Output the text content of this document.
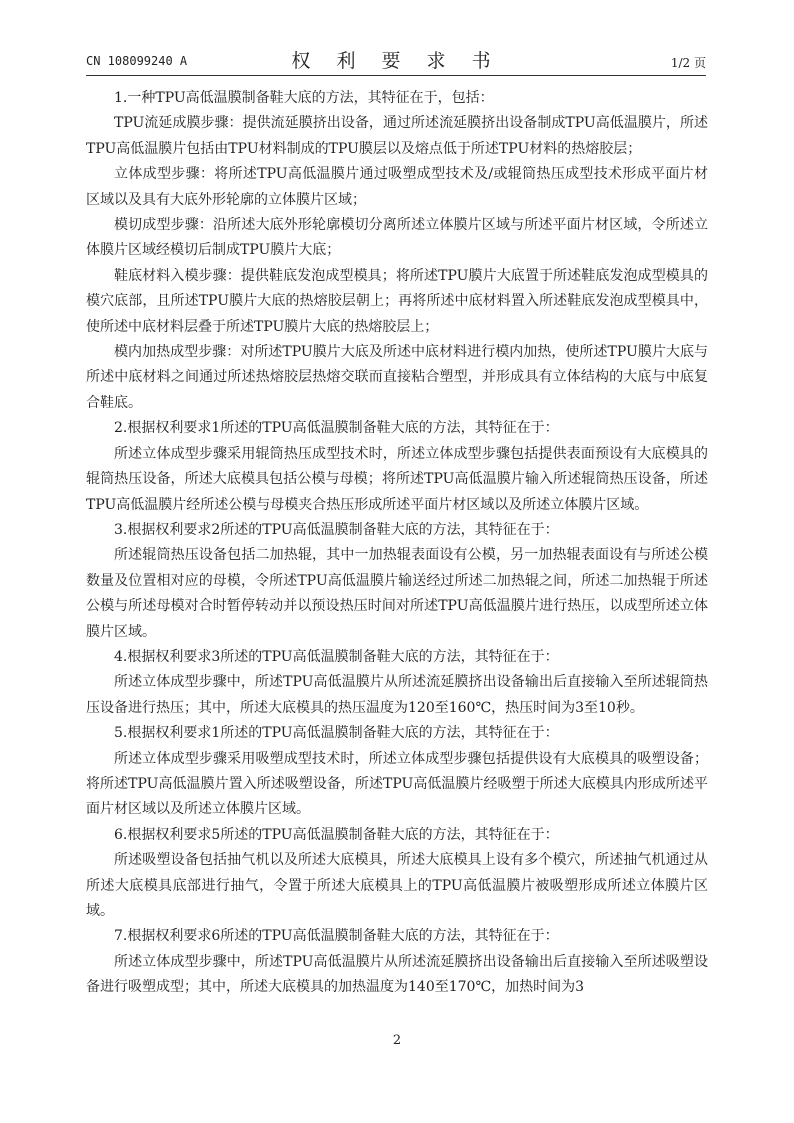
CN 108099240 A	权 利 要 求 书	1/2 页

1.一种TPU高低温膜制备鞋大底的方法，其特征在于，包括：

TPU流延成膜步骤：提供流延膜挤出设备，通过所述流延膜挤出设备制成TPU高低温膜片，所述TPU高低温膜片包括由TPU材料制成的TPU膜层以及熔点低于所述TPU材料的热熔胶层；

立体成型步骤：将所述TPU高低温膜片通过吸塑成型技术及/或辊筒热压成型技术形成平面片材区域以及具有大底外形轮廓的立体膜片区域；

模切成型步骤：沿所述大底外形轮廓模切分离所述立体膜片区域与所述平面片材区域，令所述立体膜片区域经模切后制成TPU膜片大底；

鞋底材料入模步骤：提供鞋底发泡成型模具；将所述TPU膜片大底置于所述鞋底发泡成型模具的模穴底部，且所述TPU膜片大底的热熔胶层朝上；再将所述中底材料置入所述鞋底发泡成型模具中，使所述中底材料层叠于所述TPU膜片大底的热熔胶层上；

模内加热成型步骤：对所述TPU膜片大底及所述中底材料进行模内加热，使所述TPU膜片大底与所述中底材料之间通过所述热熔胶层热熔交联而直接粘合塑型，并形成具有立体结构的大底与中底复合鞋底。

2.根据权利要求1所述的TPU高低温膜制备鞋大底的方法，其特征在于：

所述立体成型步骤采用辊筒热压成型技术时，所述立体成型步骤包括提供表面预设有大底模具的辊筒热压设备，所述大底模具包括公模与母模；将所述TPU高低温膜片输入所述辊筒热压设备，所述TPU高低温膜片经所述公模与母模夹合热压形成所述平面片材区域以及所述立体膜片区域。

3.根据权利要求2所述的TPU高低温膜制备鞋大底的方法，其特征在于：

所述辊筒热压设备包括二加热辊，其中一加热辊表面设有公模，另一加热辊表面设有与所述公模数量及位置相对应的母模，令所述TPU高低温膜片输送经过所述二加热辊之间，所述二加热辊于所述公模与所述母模对合时暂停转动并以预设热压时间对所述TPU高低温膜片进行热压，以成型所述立体膜片区域。

4.根据权利要求3所述的TPU高低温膜制备鞋大底的方法，其特征在于：

所述立体成型步骤中，所述TPU高低温膜片从所述流延膜挤出设备输出后直接输入至所述辊筒热压设备进行热压；其中，所述大底模具的热压温度为120至160℃，热压时间为3至10秒。

5.根据权利要求1所述的TPU高低温膜制备鞋大底的方法，其特征在于：

所述立体成型步骤采用吸塑成型技术时，所述立体成型步骤包括提供设有大底模具的吸塑设备；将所述TPU高低温膜片置入所述吸塑设备，所述TPU高低温膜片经吸塑于所述大底模具内形成所述平面片材区域以及所述立体膜片区域。

6.根据权利要求5所述的TPU高低温膜制备鞋大底的方法，其特征在于：

所述吸塑设备包括抽气机以及所述大底模具，所述大底模具上设有多个模穴，所述抽气机通过从所述大底模具底部进行抽气，令置于所述大底模具上的TPU高低温膜片被吸塑形成所述立体膜片区域。

7.根据权利要求6所述的TPU高低温膜制备鞋大底的方法，其特征在于：

所述立体成型步骤中，所述TPU高低温膜片从所述流延膜挤出设备输出后直接输入至所述吸塑设备进行吸塑成型；其中，所述大底模具的加热温度为140至170℃，加热时间为3

2
